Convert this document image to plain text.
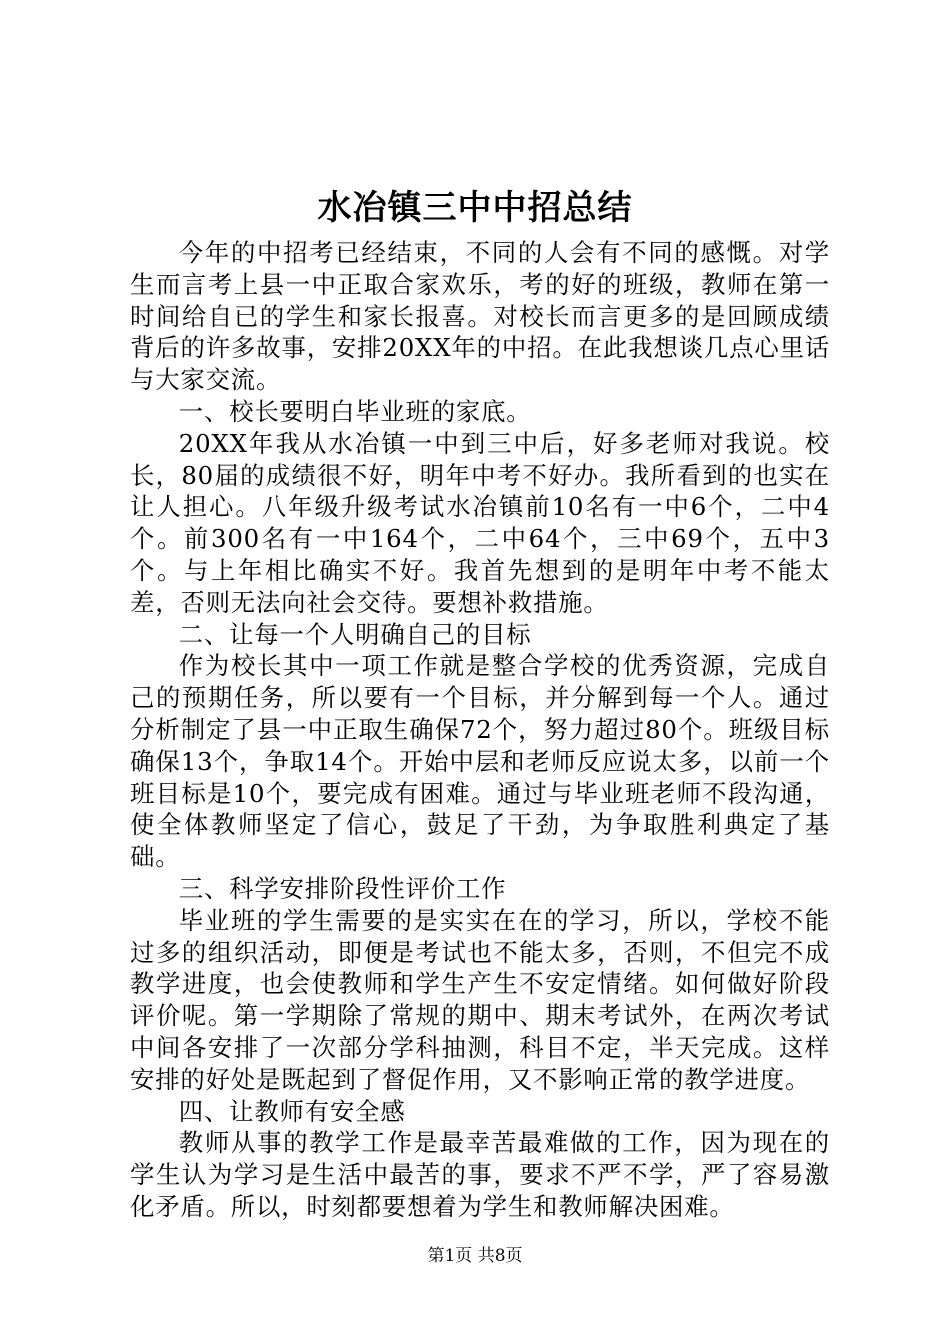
水冶镇三中中招总结

今年的中招考已经结束，不同的人会有不同的感慨。对学生而言考上县一中正取合家欢乐，考的好的班级，教师在第一时间给自已的学生和家长报喜。对校长而言更多的是回顾成绩背后的许多故事，安排20XX年的中招。在此我想谈几点心里话与大家交流。

一、校长要明白毕业班的家底。

20XX年我从水冶镇一中到三中后，好多老师对我说。校长，80届的成绩很不好，明年中考不好办。我所看到的也实在让人担心。八年级升级考试水冶镇前10名有一中6个，二中4个。前300名有一中164个，二中64个，三中69个，五中3个。与上年相比确实不好。我首先想到的是明年中考不能太差，否则无法向社会交待。要想补救措施。

二、让每一个人明确自己的目标

作为校长其中一项工作就是整合学校的优秀资源，完成自己的预期任务，所以要有一个目标，并分解到每一个人。通过分析制定了县一中正取生确保72个，努力超过80个。班级目标确保13个，争取14个。开始中层和老师反应说太多，以前一个班目标是10个，要完成有困难。通过与毕业班老师不段沟通，使全体教师坚定了信心，鼓足了干劲，为争取胜利典定了基础。

三、科学安排阶段性评价工作

毕业班的学生需要的是实实在在的学习，所以，学校不能过多的组织活动，即便是考试也不能太多，否则，不但完不成教学进度，也会使教师和学生产生不安定情绪。如何做好阶段评价呢。第一学期除了常规的期中、期末考试外，在两次考试中间各安排了一次部分学科抽测，科目不定，半天完成。这样安排的好处是既起到了督促作用，又不影响正常的教学进度。

四、让教师有安全感

教师从事的教学工作是最幸苦最难做的工作，因为现在的学生认为学习是生活中最苦的事，要求不严不学，严了容易激化矛盾。所以，时刻都要想着为学生和教师解决困难。

第1页 共8页
